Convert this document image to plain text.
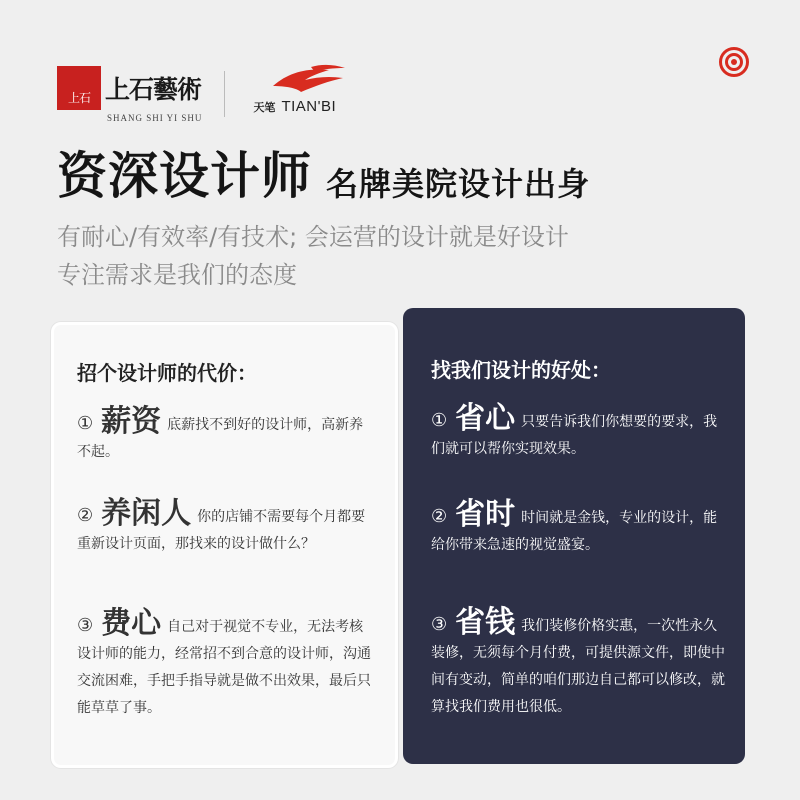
上石 上石藝術
SHANG SHI YI SHU
天笔 TIAN'BI
资深设计师 名牌美院设计出身
有耐心/有效率/有技术; 会运营的设计就是好设计
专注需求是我们的态度
招个设计师的代价：
① 薪资 底薪找不到好的设计师，高新养不起。
② 养闲人 你的店铺不需要每个月都要重新设计页面，那找来的设计做什么？
③ 费心 自己对于视觉不专业，无法考核设计师的能力，经常招不到合意的设计师，沟通交流困难，手把手指导就是做不出效果，最后只能草草了事。
找我们设计的好处：
① 省心 只要告诉我们你想要的要求，我们就可以帮你实现效果。
② 省时 时间就是金钱，专业的设计，能给你带来急速的视觉盛宴。
③ 省钱 我们装修价格实惠，一次性永久装修，无须每个月付费，可提供源文件，即使中间有变动，简单的咱们那边自己都可以修改，就算找我们费用也很低。
